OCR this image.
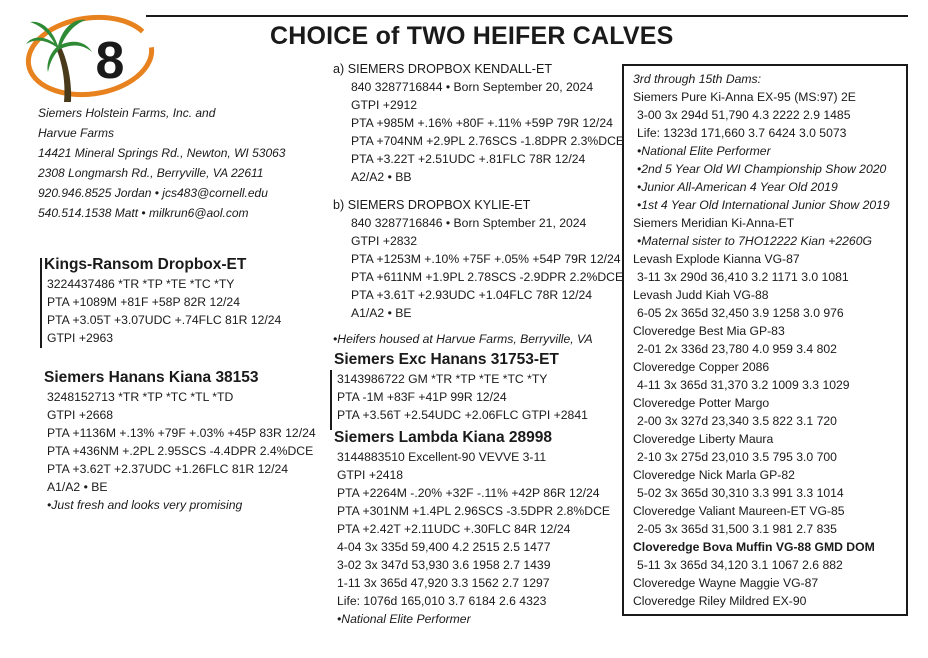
8	CHOICE of TWO HEIFER CALVES
Siemers Holstein Farms, Inc. and
Harvue Farms
14421 Mineral Springs Rd., Newton, WI 53063
2308 Longmarsh Rd., Berryville, VA 22611
920.946.8525 Jordan • jcs483@cornell.edu
540.514.1538 Matt • milkrun6@aol.com
Kings-Ransom Dropbox-ET
3224437486 *TR *TP *TE *TC *TY
PTA +1089M +81F +58P 82R 12/24
PTA +3.05T +3.07UDC +.74FLC 81R 12/24
GTPI +2963
Siemers Hanans Kiana 38153
3248152713 *TR *TP *TC *TL *TD
GTPI +2668
PTA +1136M +.13% +79F +.03% +45P 83R 12/24
PTA +436NM +.2PL 2.95SCS -4.4DPR 2.4%DCE
PTA +3.62T +2.37UDC +1.26FLC 81R 12/24
A1/A2 • BE
•Just fresh and looks very promising
a) SIEMERS DROPBOX KENDALL-ET
840 3287716844 • Born September 20, 2024
GTPI +2912
PTA +985M +.16% +80F +.11% +59P 79R 12/24
PTA +704NM +2.9PL 2.76SCS -1.8DPR 2.3%DCE
PTA +3.22T +2.51UDC +.81FLC 78R 12/24
A2/A2 • BB
b) SIEMERS DROPBOX KYLIE-ET
840 3287716846 • Born Sptember 21, 2024
GTPI +2832
PTA +1253M +.10% +75F +.05% +54P 79R 12/24
PTA +611NM +1.9PL 2.78SCS -2.9DPR 2.2%DCE
PTA +3.61T +2.93UDC +1.04FLC 78R 12/24
A1/A2 • BE
•Heifers housed at Harvue Farms, Berryville, VA
Siemers Exc Hanans 31753-ET
3143986722 GM *TR *TP *TE *TC *TY
PTA -1M +83F +41P 99R 12/24
PTA +3.56T +2.54UDC +2.06FLC GTPI +2841
Siemers Lambda Kiana 28998
3144883510 Excellent-90 VEVVE 3-11
GTPI +2418
PTA +2264M -.20% +32F -.11% +42P 86R 12/24
PTA +301NM +1.4PL 2.96SCS -3.5DPR 2.8%DCE
PTA +2.42T +2.11UDC +.30FLC 84R 12/24
4-04 3x 335d 59,400 4.2 2515 2.5 1477
3-02 3x 347d 53,930 3.6 1958 2.7 1439
1-11 3x 365d 47,920 3.3 1562 2.7 1297
Life: 1076d 165,010 3.7 6184 2.6 4323
•National Elite Performer
3rd through 15th Dams:
Siemers Pure Ki-Anna EX-95 (MS:97) 2E
3-00 3x 294d 51,790 4.3 2222 2.9 1485
Life: 1323d 171,660 3.7 6424 3.0 5073
•National Elite Performer
•2nd 5 Year Old WI Championship Show 2020
•Junior All-American 4 Year Old 2019
•1st 4 Year Old International Junior Show 2019
Siemers Meridian Ki-Anna-ET
•Maternal sister to 7HO12222 Kian +2260G
Levash Explode Kianna VG-87
3-11 3x 290d 36,410 3.2 1171 3.0 1081
Levash Judd Kiah VG-88
6-05 2x 365d 32,450 3.9 1258 3.0 976
Cloveredge Best Mia GP-83
2-01 2x 336d 23,780 4.0 959 3.4 802
Cloveredge Copper 2086
4-11 3x 365d 31,370 3.2 1009 3.3 1029
Cloveredge Potter Margo
2-00 3x 327d 23,340 3.5 822 3.1 720
Cloveredge Liberty Maura
2-10 3x 275d 23,010 3.5 795 3.0 700
Cloveredge Nick Marla GP-82
5-02 3x 365d 30,310 3.3 991 3.3 1014
Cloveredge Valiant Maureen-ET VG-85
2-05 3x 365d 31,500 3.1 981 2.7 835
Cloveredge Bova Muffin VG-88 GMD DOM
5-11 3x 365d 34,120 3.1 1067 2.6 882
Cloveredge Wayne Maggie VG-87
Cloveredge Riley Mildred EX-90
